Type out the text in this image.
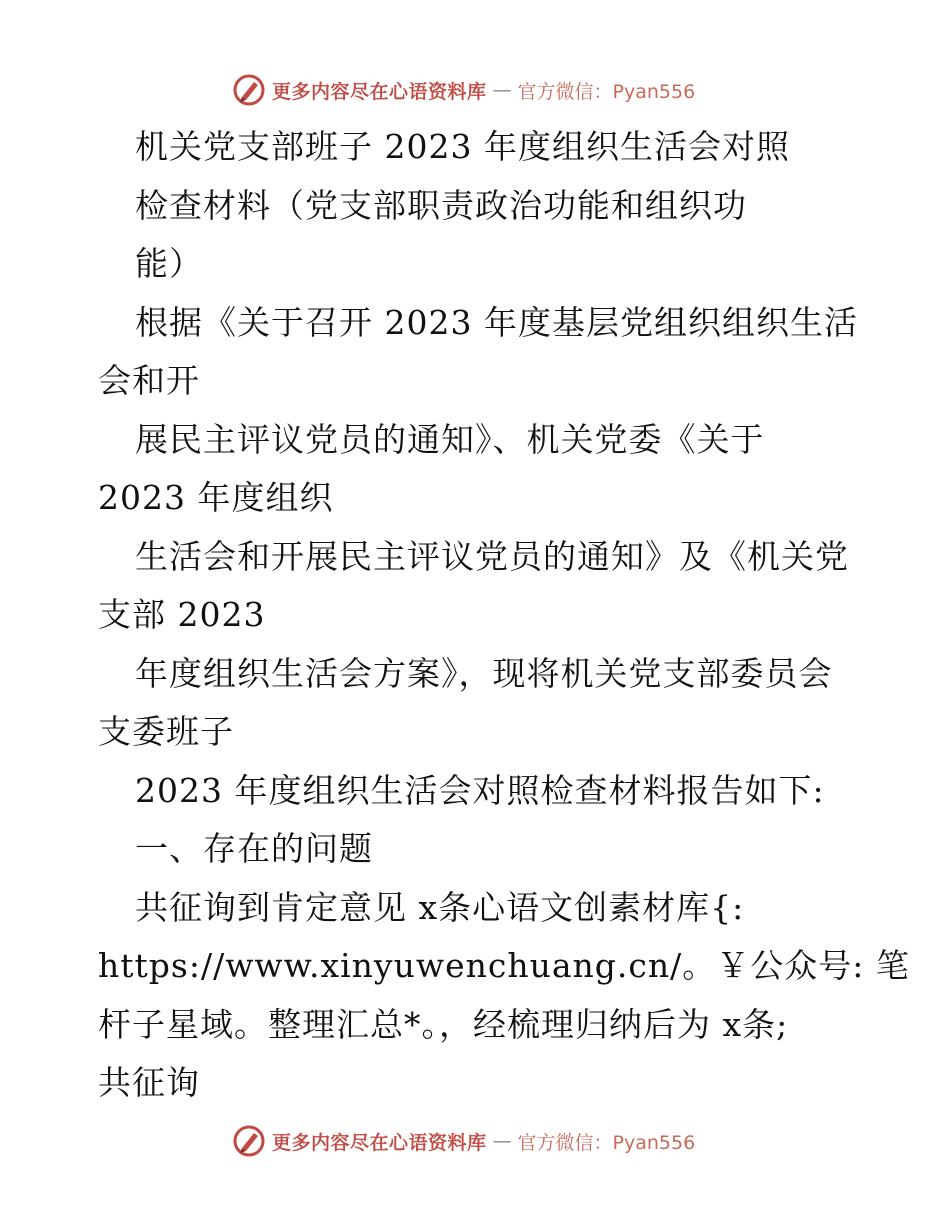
更多内容尽在心语资料库 — 官方微信：Pyan556
机关党支部班子 2023 年度组织生活会对照
检查材料（党支部职责政治功能和组织功
能）
根据《关于召开 2023 年度基层党组织组织生活
会和开
展民主评议党员的通知》、机关党委《关于
2023 年度组织
生活会和开展民主评议党员的通知》及《机关党
支部 2023
年度组织生活会方案》，现将机关党支部委员会
支委班子
2023 年度组织生活会对照检查材料报告如下:
一、存在的问题
共征询到肯定意见 x条心语文创素材库{:
https://www.xinyuwenchuang.cn/。￥公众号: 笔
杆子星域。整理汇总*。，经梳理归纳后为 x条;
共征询
更多内容尽在心语资料库 — 官方微信：Pyan556
